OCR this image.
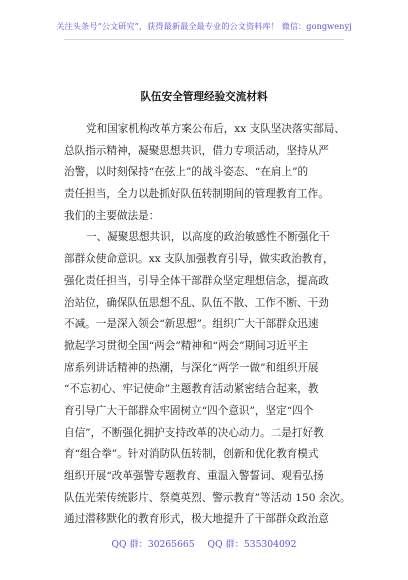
关注头条号“公文研究”，获得最新最全最专业的公文资料库！ 微信：gongwenyj
队伍安全管理经验交流材料
党和国家机构改革方案公布后，xx 支队坚决落实部局、
总队指示精神，凝聚思想共识，借力专项活动，坚持从严
治警，以时刻保持“在弦上”的战斗姿态、“在肩上”的
责任担当，全力以赴抓好队伍转制期间的管理教育工作。
我们的主要做法是：
一、凝聚思想共识，以高度的政治敏感性不断强化干
部群众使命意识。xx 支队加强教育引导，做实政治教育，
强化责任担当，引导全体干部群众坚定理想信念，提高政
治站位，确保队伍思想不乱、队伍不散、工作不断、干劲
不减。一是深入领会“新思想”。组织广大干部群众迅速
掀起学习贯彻全国“两会”精神和“两会”期间习近平主
席系列讲话精神的热潮，与深化“两学一做”和组织开展
“不忘初心、牢记使命”主题教育活动紧密结合起来，教
育引导广大干部群众牢固树立“四个意识”，坚定“四个
自信”，不断强化拥护支持改革的决心动力。二是打好教
育“组合拳”。针对消防队伍转制，创新和优化教育模式
组织开展“改革强警专题教育、重温入警誓词、观看弘扬
队伍光荣传统影片、祭奠英烈、警示教育”等活动 150 余次。
通过潜移默化的教育形式，极大地提升了干部群众政治意
QQ 群：30265665 QQ 群：535304092
